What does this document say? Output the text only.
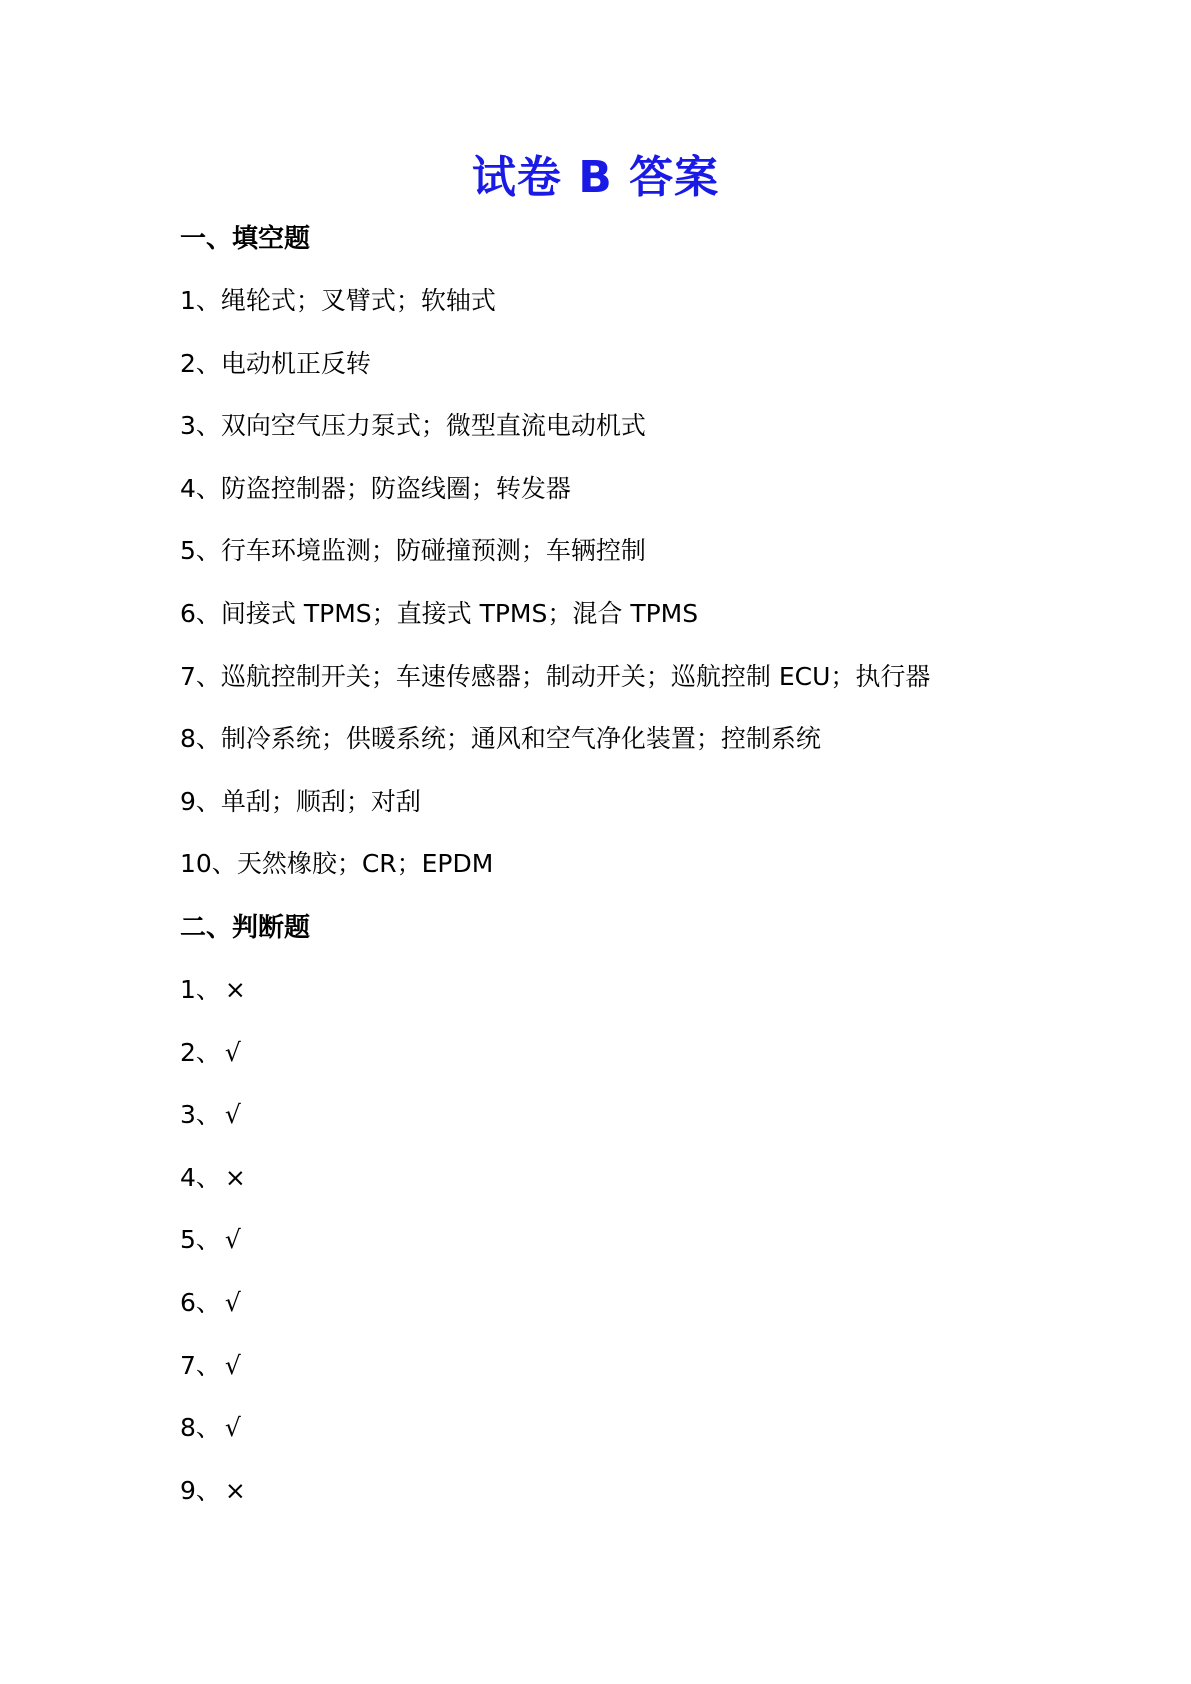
试卷 B 答案
一、填空题
1、绳轮式；叉臂式；软轴式
2、电动机正反转
3、双向空气压力泵式；微型直流电动机式
4、防盗控制器；防盗线圈；转发器
5、行车环境监测；防碰撞预测；车辆控制
6、间接式 TPMS；直接式 TPMS；混合 TPMS
7、巡航控制开关；车速传感器；制动开关；巡航控制 ECU；执行器
8、制冷系统；供暖系统；通风和空气净化装置；控制系统
9、单刮；顺刮；对刮
10、天然橡胶；CR；EPDM
二、判断题
1、 ×
2、 √
3、 √
4、 ×
5、 √
6、 √
7、 √
8、 √
9、 ×
